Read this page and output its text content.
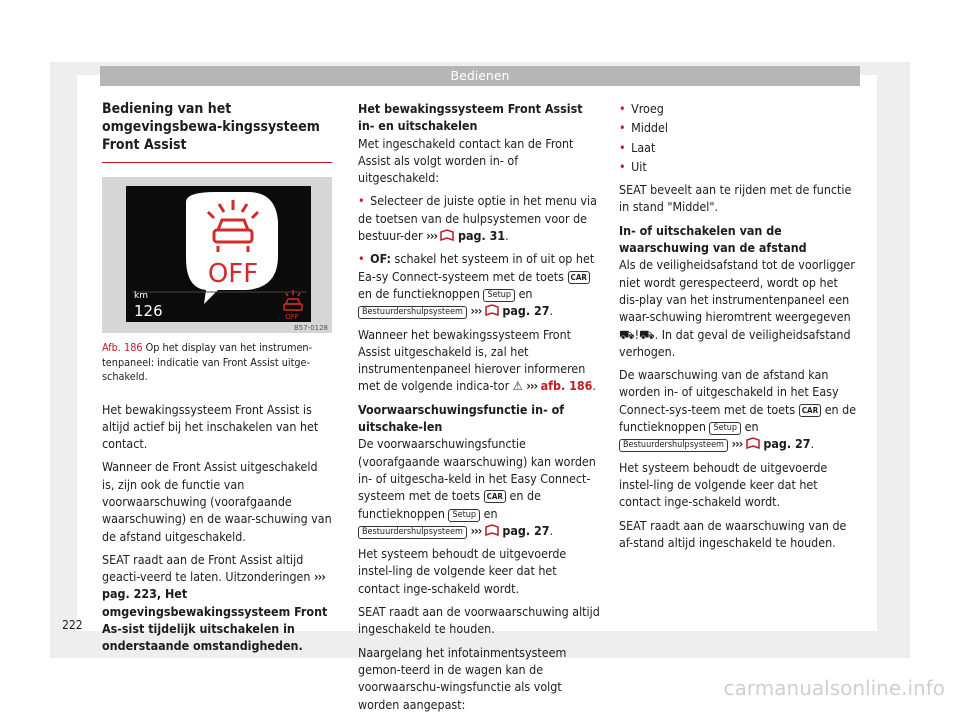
Bedienen
Bediening van het omgevingsbewa-kingssysteem Front Assist
OFF
km
126	OFF
B57-0128
Afb. 186 Op het display van het instrumen-tenpaneel: indicatie van Front Assist uitge-schakeld.

Het bewakingssysteem Front Assist is altijd actief bij het inschakelen van het contact.

Wanneer de Front Assist uitgeschakeld is, zijn ook de functie van voorwaarschuwing (voorafgaande waarschuwing) en de waar-schuwing van de afstand uitgeschakeld.

SEAT raadt aan de Front Assist altijd geacti-veerd te laten. Uitzonderingen ››› pag. 223, Het omgevingsbewakingssysteem Front As-sist tijdelijk uitschakelen in onderstaande omstandigheden.

Het bewakingssysteem Front Assist in- en uitschakelen

Met ingeschakeld contact kan de Front Assist als volgt worden in- of uitgeschakeld:

• Selecteer de juiste optie in het menu via de toetsen van de hulpsystemen voor de bestuur-der ››› pag. 31.

• OF: schakel het systeem in of uit op het Ea-sy Connect-systeem met de toets CAR en de functieknoppen Setup en Bestuurdershulpsysteem ››› pag. 27.

Wanneer het bewakingssysteem Front Assist uitgeschakeld is, zal het instrumentenpaneel hierover informeren met de volgende indica-tor ⚠ ››› afb. 186.

Voorwaarschuwingsfunctie in- of uitschake-len

De voorwaarschuwingsfunctie (voorafgaande waarschuwing) kan worden in- of uitgescha-keld in het Easy Connect-systeem met de toets CAR en de functieknoppen Setup en Bestuurdershulpsysteem ››› pag. 27.

Het systeem behoudt de uitgevoerde instel-ling de volgende keer dat het contact inge-schakeld wordt.

SEAT raadt aan de voorwaarschuwing altijd ingeschakeld te houden.

Naargelang het infotainmentsysteem gemon-teerd in de wagen kan de voorwaarschu-wingsfunctie als volgt worden aangepast:

• Vroeg

• Middel

• Laat

• Uit

SEAT beveelt aan te rijden met de functie in stand "Middel".

In- of uitschakelen van de waarschuwing van de afstand

Als de veiligheidsafstand tot de voorligger niet wordt gerespecteerd, wordt op het dis-play van het instrumentenpaneel een waar-schuwing hieromtrent weergegeven ⛟!⛟. In dat geval de veiligheidsafstand verhogen.

De waarschuwing van de afstand kan worden in- of uitgeschakeld in het Easy Connect-sys-teem met de toets CAR en de functieknoppen Setup en Bestuurdershulpsysteem ››› pag. 27.

Het systeem behoudt de uitgevoerde instel-ling de volgende keer dat het contact inge-schakeld wordt.

SEAT raadt aan de waarschuwing van de af-stand altijd ingeschakeld te houden.

222
carmanualsonline.info
